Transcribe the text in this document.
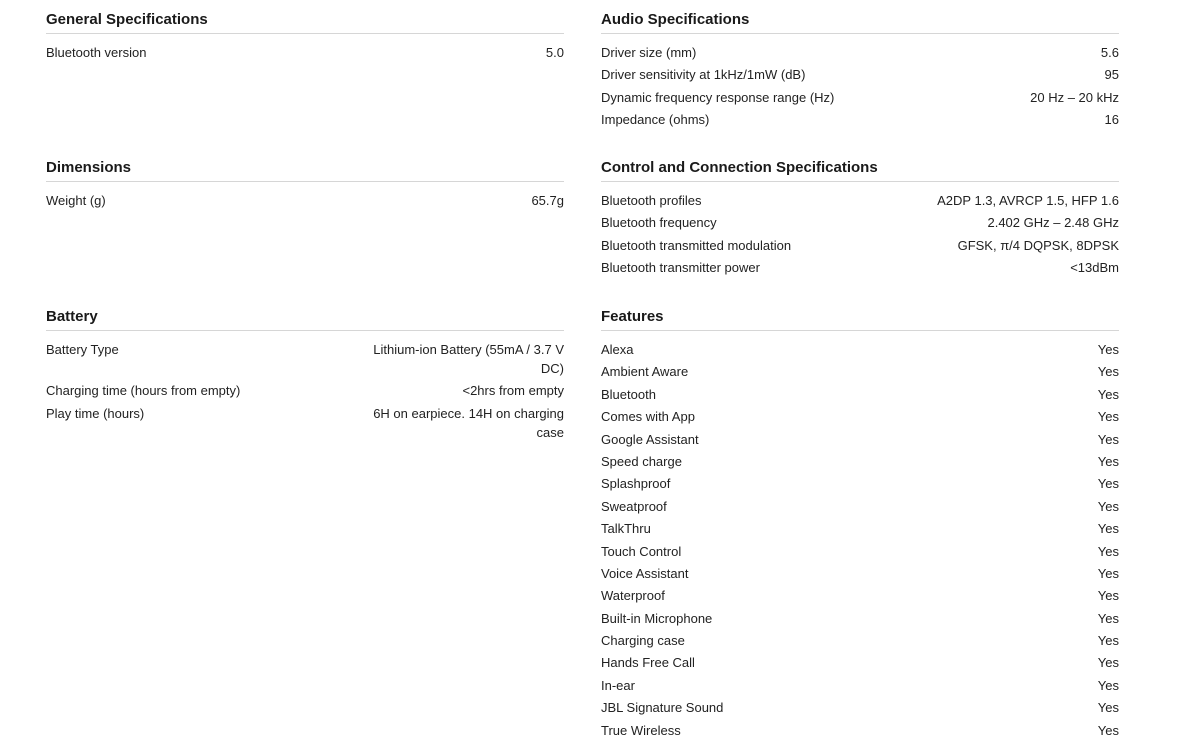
General Specifications
Bluetooth version	5.0
Audio Specifications
Driver size (mm)	5.6
Driver sensitivity at 1kHz/1mW (dB)	95
Dynamic frequency response range (Hz)	20 Hz – 20 kHz
Impedance (ohms)	16
Dimensions
Weight (g)	65.7g
Control and Connection Specifications
Bluetooth profiles	A2DP 1.3, AVRCP 1.5, HFP 1.6
Bluetooth frequency	2.402 GHz – 2.48 GHz
Bluetooth transmitted modulation	GFSK, π/4 DQPSK, 8DPSK
Bluetooth transmitter power	<13dBm
Battery
Battery Type	Lithium-ion Battery (55mA / 3.7 V DC)
Charging time (hours from empty)	<2hrs from empty
Play time (hours)	6H on earpiece. 14H on charging case
Features
Alexa	Yes
Ambient Aware	Yes
Bluetooth	Yes
Comes with App	Yes
Google Assistant	Yes
Speed charge	Yes
Splashproof	Yes
Sweatproof	Yes
TalkThru	Yes
Touch Control	Yes
Voice Assistant	Yes
Waterproof	Yes
Built-in Microphone	Yes
Charging case	Yes
Hands Free Call	Yes
In-ear	Yes
JBL Signature Sound	Yes
True Wireless	Yes
